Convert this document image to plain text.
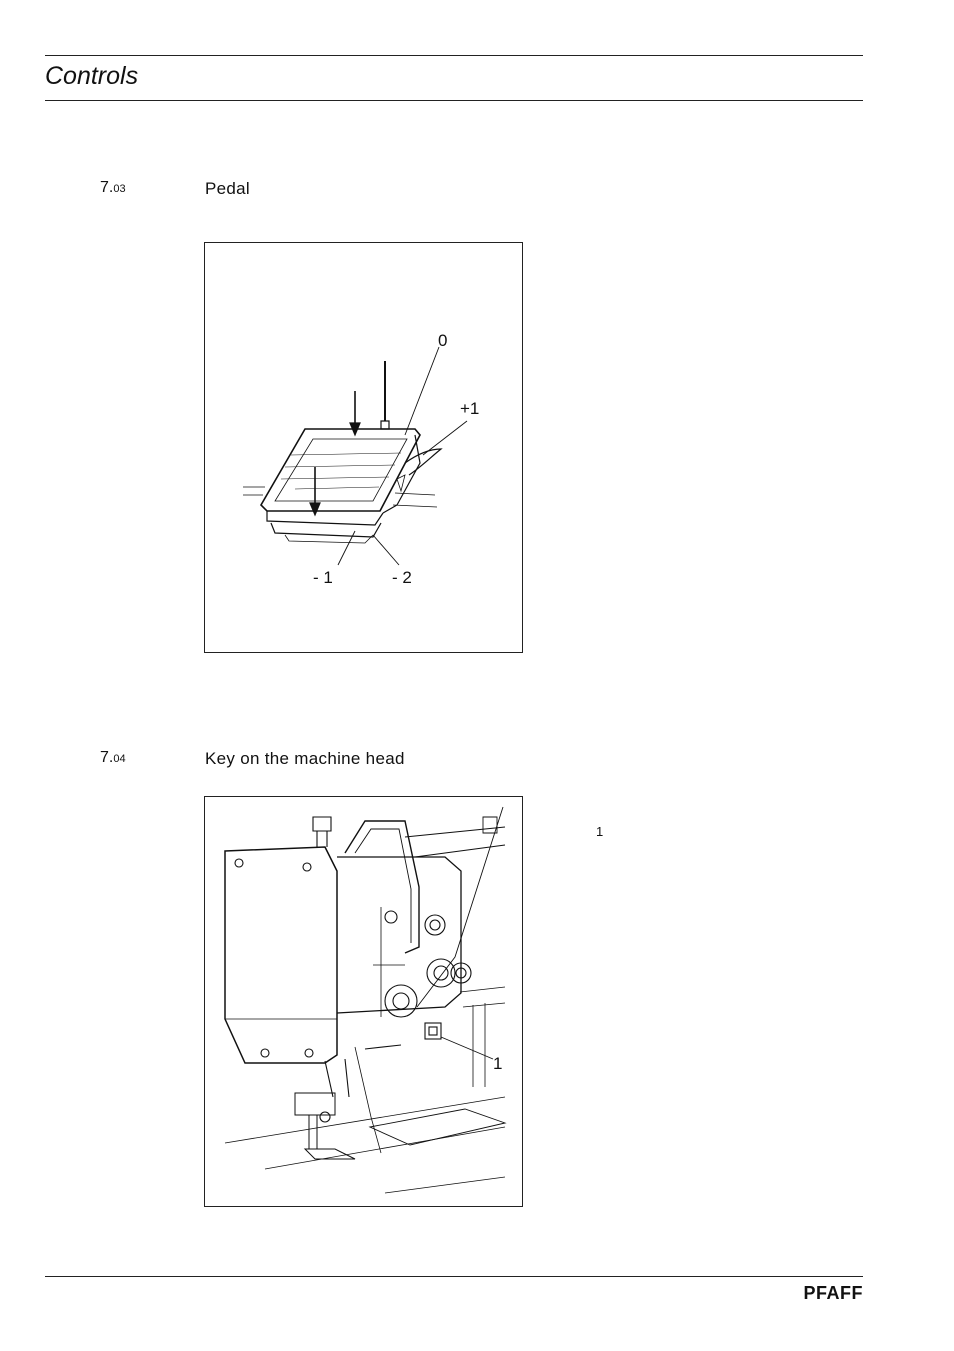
Controls
7.03	Pedal
0
+1
- 1	- 2
7.04	Key on the machine head
1
1
PFAFF
